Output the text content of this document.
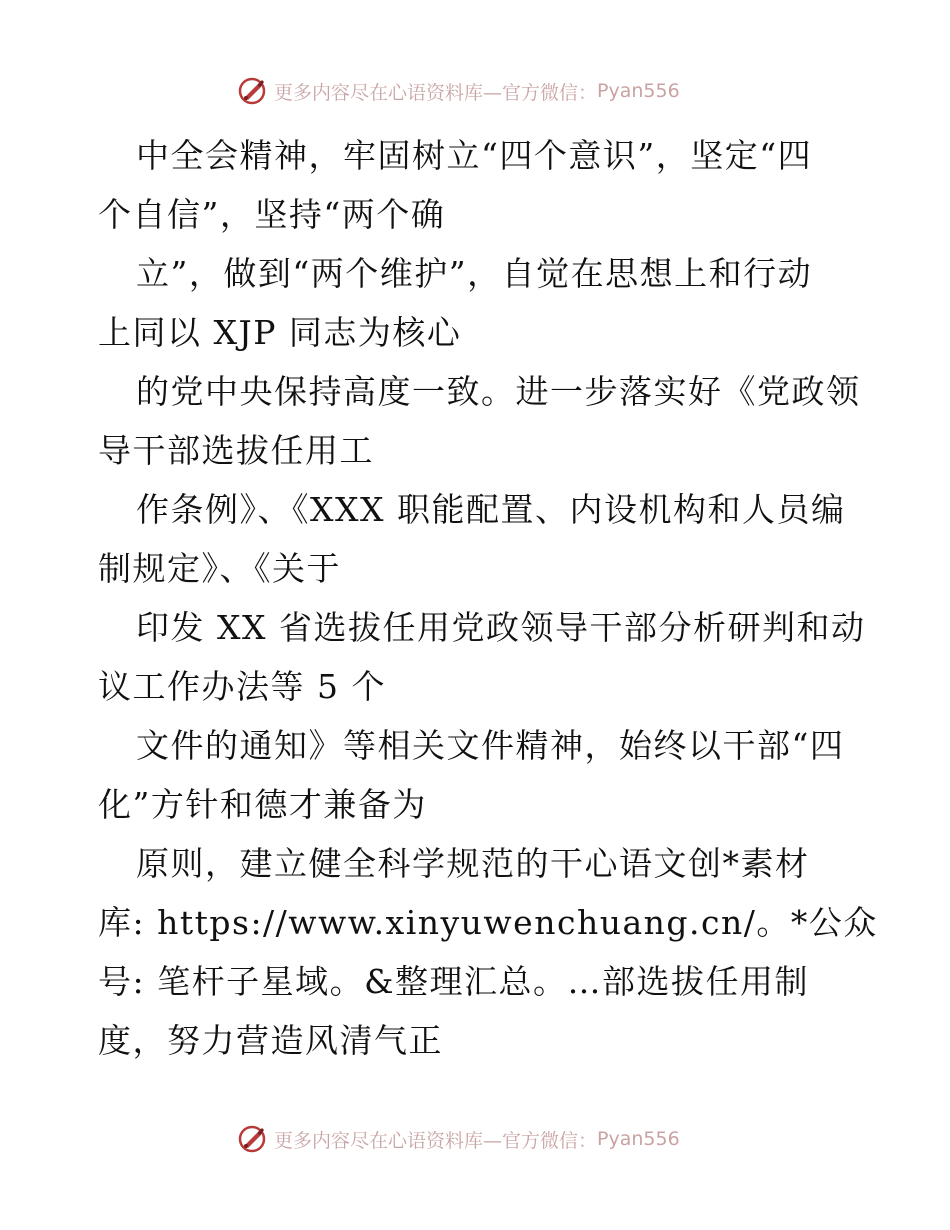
更多内容尽在心语资料库—官方微信： Pyan556
中全会精神，牢固树立“四个意识”，坚定“四
个自信”，坚持“两个确
立”，做到“两个维护”，自觉在思想上和行动
上同以 XJP 同志为核心
的党中央保持高度一致。进一步落实好《党政领
导干部选拔任用工
作条例》、《XXX 职能配置、内设机构和人员编
制规定》、《关于
印发 XX 省选拔任用党政领导干部分析研判和动
议工作办法等 5 个
文件的通知》等相关文件精神，始终以干部“四
化”方针和德才兼备为
原则，建立健全科学规范的干心语文创*素材
库: https://www.xinyuwenchuang.cn/。*公众
号: 笔杆子星域。&整理汇总。…部选拔任用制
度，努力营造风清气正
更多内容尽在心语资料库—官方微信： Pyan556
